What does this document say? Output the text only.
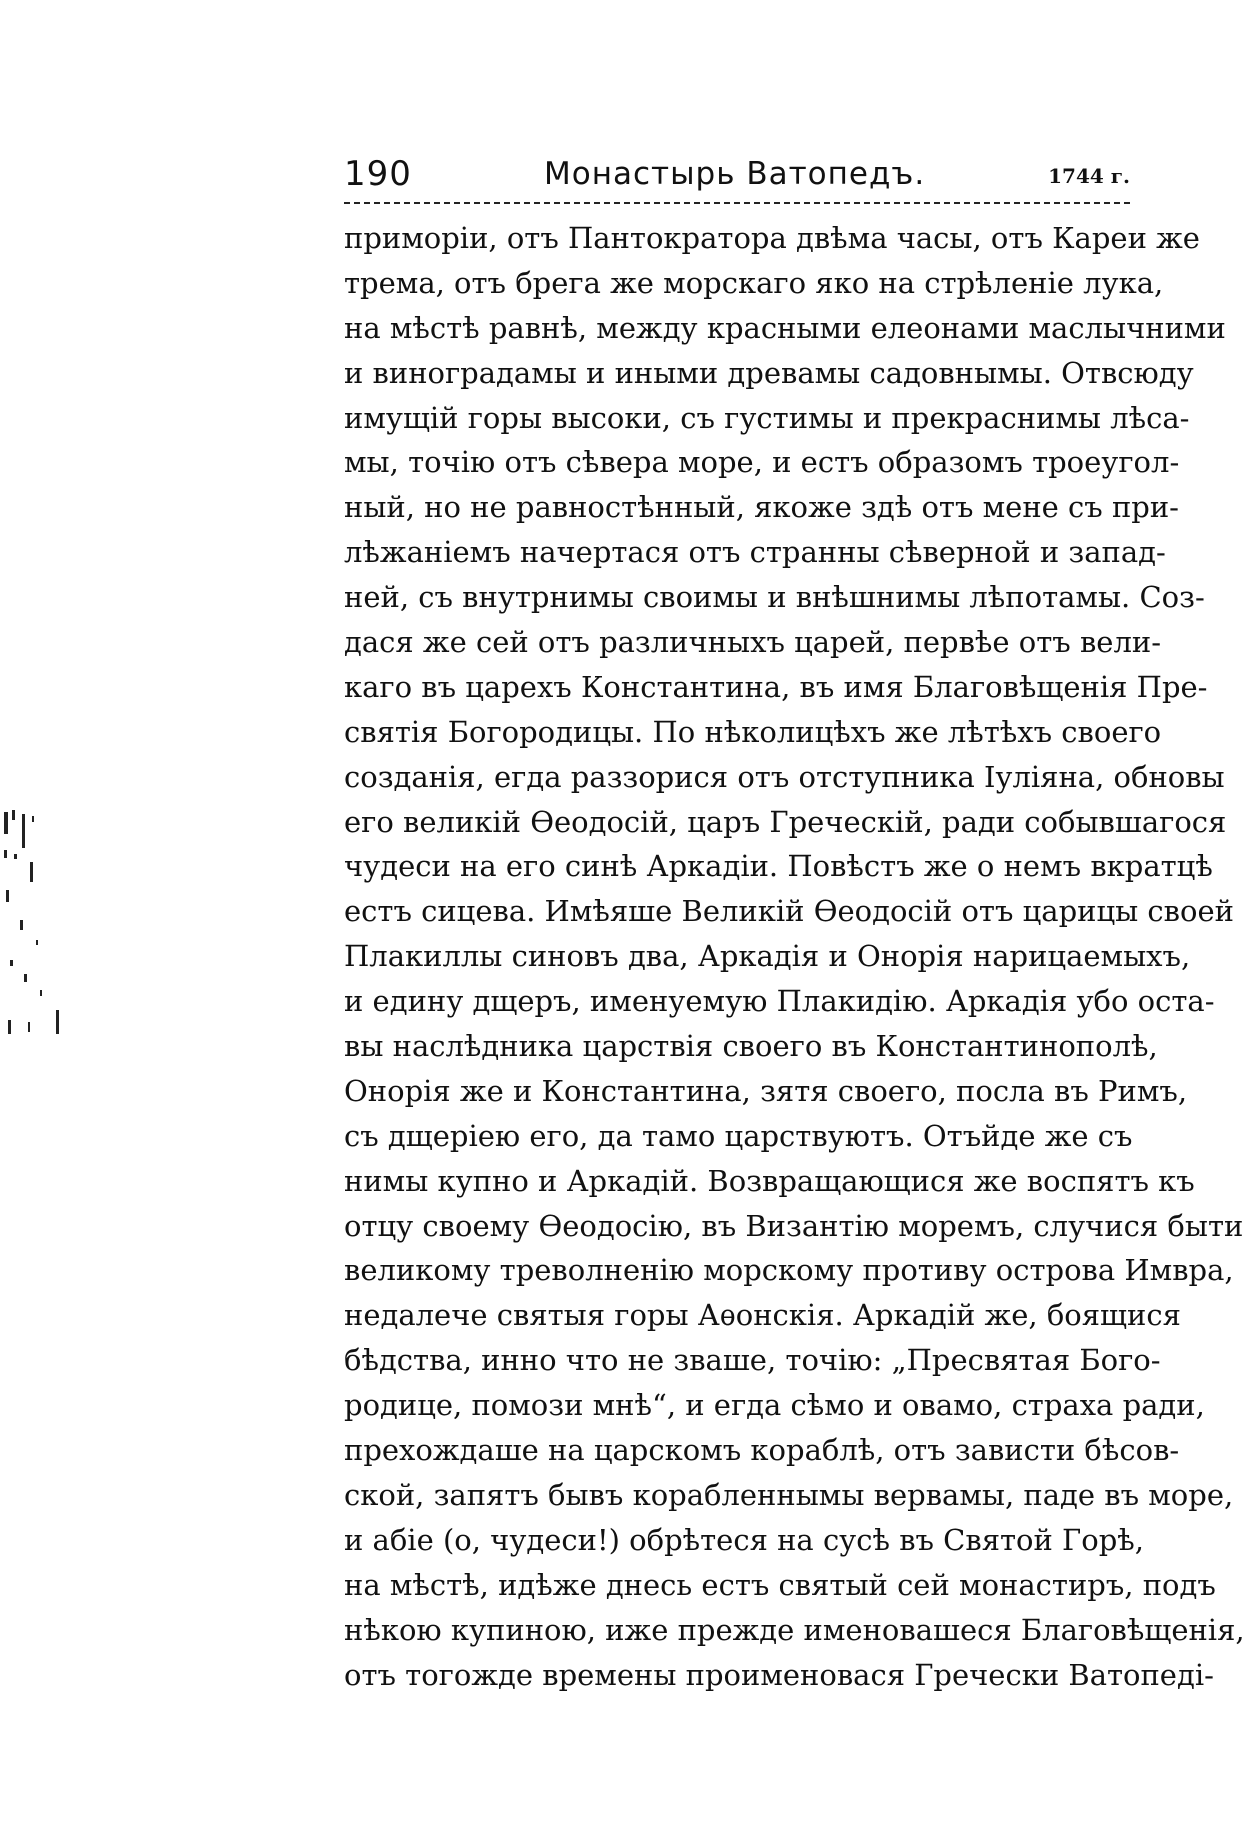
190	Монастырь Ватопедъ.	1744 г.
приморіи, отъ Пантократора двѣма часы, отъ Кареи же
трема, отъ брега же морскаго яко на стрѣленіе лука,
на мѣстѣ равнѣ, между красными елеонами маслычними
и виноградамы и иными древамы садовнымы. Отвсюду
имущій горы высоки, съ густимы и прекраснимы лѣса-
мы, точію отъ сѣвера море, и естъ образомъ троеугол-
ный, но не равностѣнный, якоже здѣ отъ мене съ при-
лѣжаніемъ начертася отъ странны сѣверной и запад-
ней, съ внутрнимы своимы и внѣшнимы лѣпотамы. Соз-
дася же сей отъ различныхъ царей, первѣе отъ вели-
каго въ царехъ Константина, въ имя Благовѣщенія Пре-
святія Богородицы. По нѣколицѣхъ же лѣтѣхъ своего
созданія, егда раззорися отъ отступника Іуліяна, обновы
его великій Ѳеодосій, царъ Греческій, ради собывшагося
чудеси на его синѣ Аркадіи. Повѣстъ же о немъ вкратцѣ
естъ сицева. Имѣяше Великій Ѳеодосій отъ царицы своей
Плакиллы синовъ два, Аркадія и Онорія нарицаемыхъ,
и едину дщеръ, именуемую Плакидію. Аркадія убо оста-
вы наслѣдника царствія своего въ Константинополѣ,
Онорія же и Константина, зятя своего, посла въ Римъ,
съ дщеріею его, да тамо царствуютъ. Отъйде же съ
нимы купно и Аркадій. Возвращающися же воспятъ къ
отцу своему Ѳеодосію, въ Византію моремъ, случися быти
великому треволненію морскому противу острова Имвра,
недалече святыя горы Аѳонскія. Аркадій же, боящися
бѣдства, инно что не зваше, точію: „Пресвятая Бого-
родице, помози мнѣ“, и егда сѣмо и овамо, страха ради,
прехождаше на царскомъ кораблѣ, отъ зависти бѣсов-
ской, запятъ бывъ корабленнымы вервамы, паде въ море,
и абіе (о, чудеси!) обрѣтеся на сусѣ въ Святой Горѣ,
на мѣстѣ, идѣже днесь естъ святый сей монастиръ, подъ
нѣкою купиною, иже прежде именовашеся Благовѣщенія,
отъ тогожде времены проименовася Гречески Ватопеді-
